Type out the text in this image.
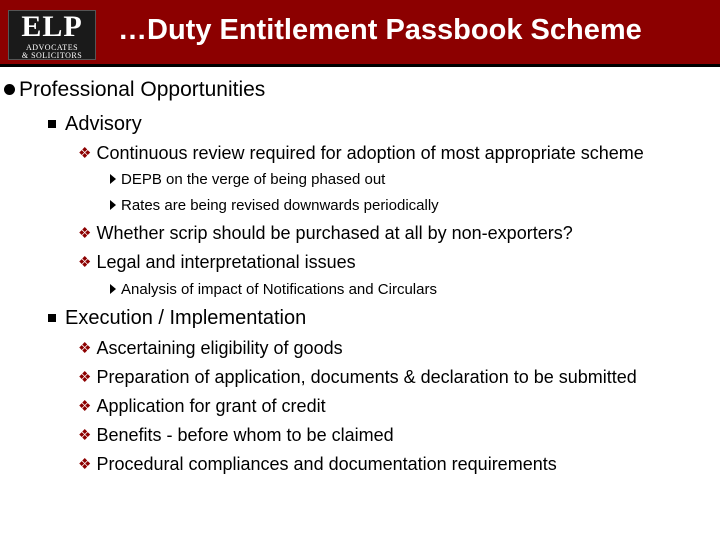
ELP
ADVOCATES
& SOLICITORS
…Duty Entitlement Passbook Scheme
Professional Opportunities
Advisory
❖ Continuous review required for adoption of most appropriate scheme
DEPB on the verge of being phased out
Rates are being revised downwards periodically
❖ Whether scrip should be purchased at all by non-exporters?
❖ Legal and interpretational issues
Analysis of impact of Notifications and Circulars
Execution / Implementation
❖ Ascertaining eligibility of goods
❖ Preparation of application, documents & declaration to be submitted
❖ Application for grant of credit
❖ Benefits - before whom to be claimed
❖ Procedural compliances and documentation requirements
